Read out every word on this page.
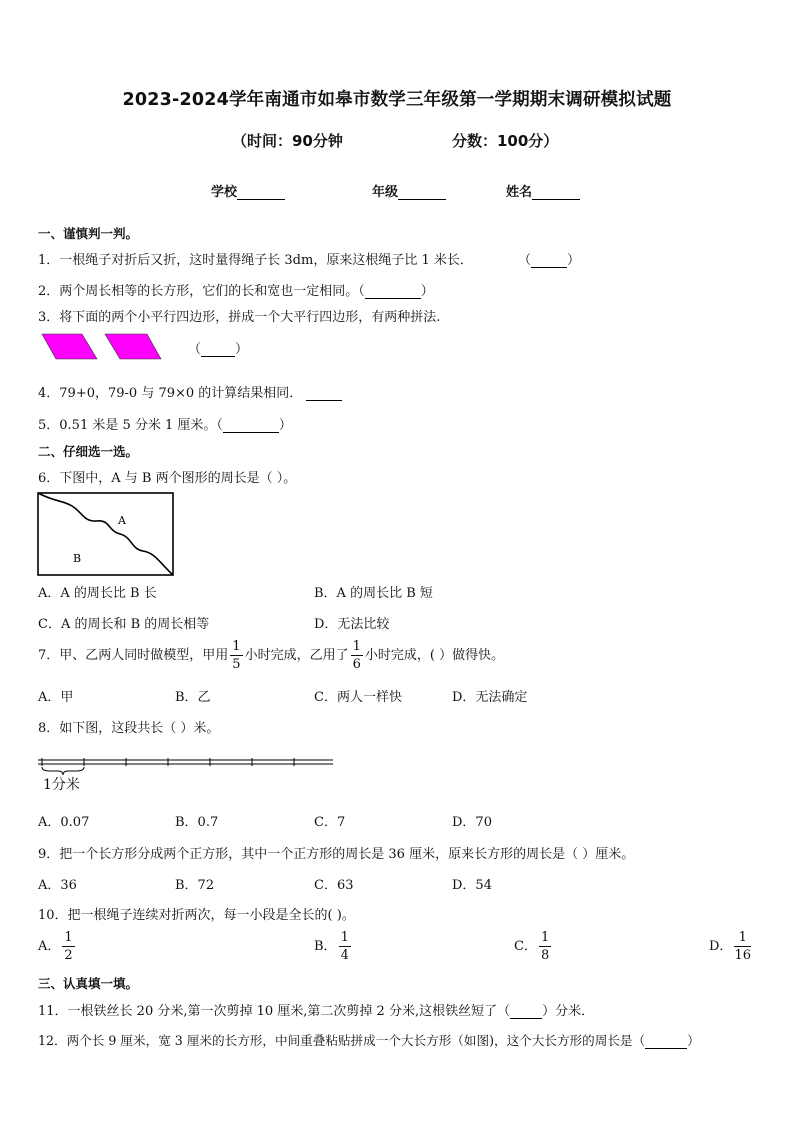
2023-2024学年南通市如皋市数学三年级第一学期期末调研模拟试题
（时间：90分钟	分数：100分）
学校	年级	姓名
一、谨慎判一判。
1．一根绳子对折后又折，这时量得绳子长 3dm，原来这根绳子比 1 米长．	（	）
2．两个周长相等的长方形，它们的长和宽也一定相同。（	）
3．将下面的两个小平行四边形，拼成一个大平行四边形，有两种拼法.
（	）
4．79+0，79-0 与 79×0 的计算结果相同．
5．0.51 米是 5 分米 1 厘米。（	）
二、仔细选一选。
6．下图中，A 与 B 两个图形的周长是（ ）。
A
B
A．A 的周长比 B 长	B．A 的周长比 B 短
C．A 的周长和 B 的周长相等	D．无法比较
7．甲、乙两人同时做模型，甲用 $\frac{1}{5}$ 小时完成，乙用了 $\frac{1}{6}$ 小时完成，( ）做得快。
A．甲	B．乙	C．两人一样快	D．无法确定
8．如下图，这段共长（ ）米。
1分米
A．0.07	B．0.7	C．7	D．70
9．把一个长方形分成两个正方形，其中一个正方形的周长是 36 厘米，原来长方形的周长是（ ）厘米。
A．36	B．72	C．63	D．54
10．把一根绳子连续对折两次，每一小段是全长的( )。
A． $\frac{1}{2}$	B． $\frac{1}{4}$	C． $\frac{1}{8}$	D． $\frac{1}{16}$
三、认真填一填。
11．一根铁丝长 20 分米,第一次剪掉 10 厘米,第二次剪掉 2 分米,这根铁丝短了（ ）分米．
12．两个长 9 厘米，宽 3 厘米的长方形，中间重叠粘贴拼成一个大长方形（如图)，这个大长方形的周长是（	）
